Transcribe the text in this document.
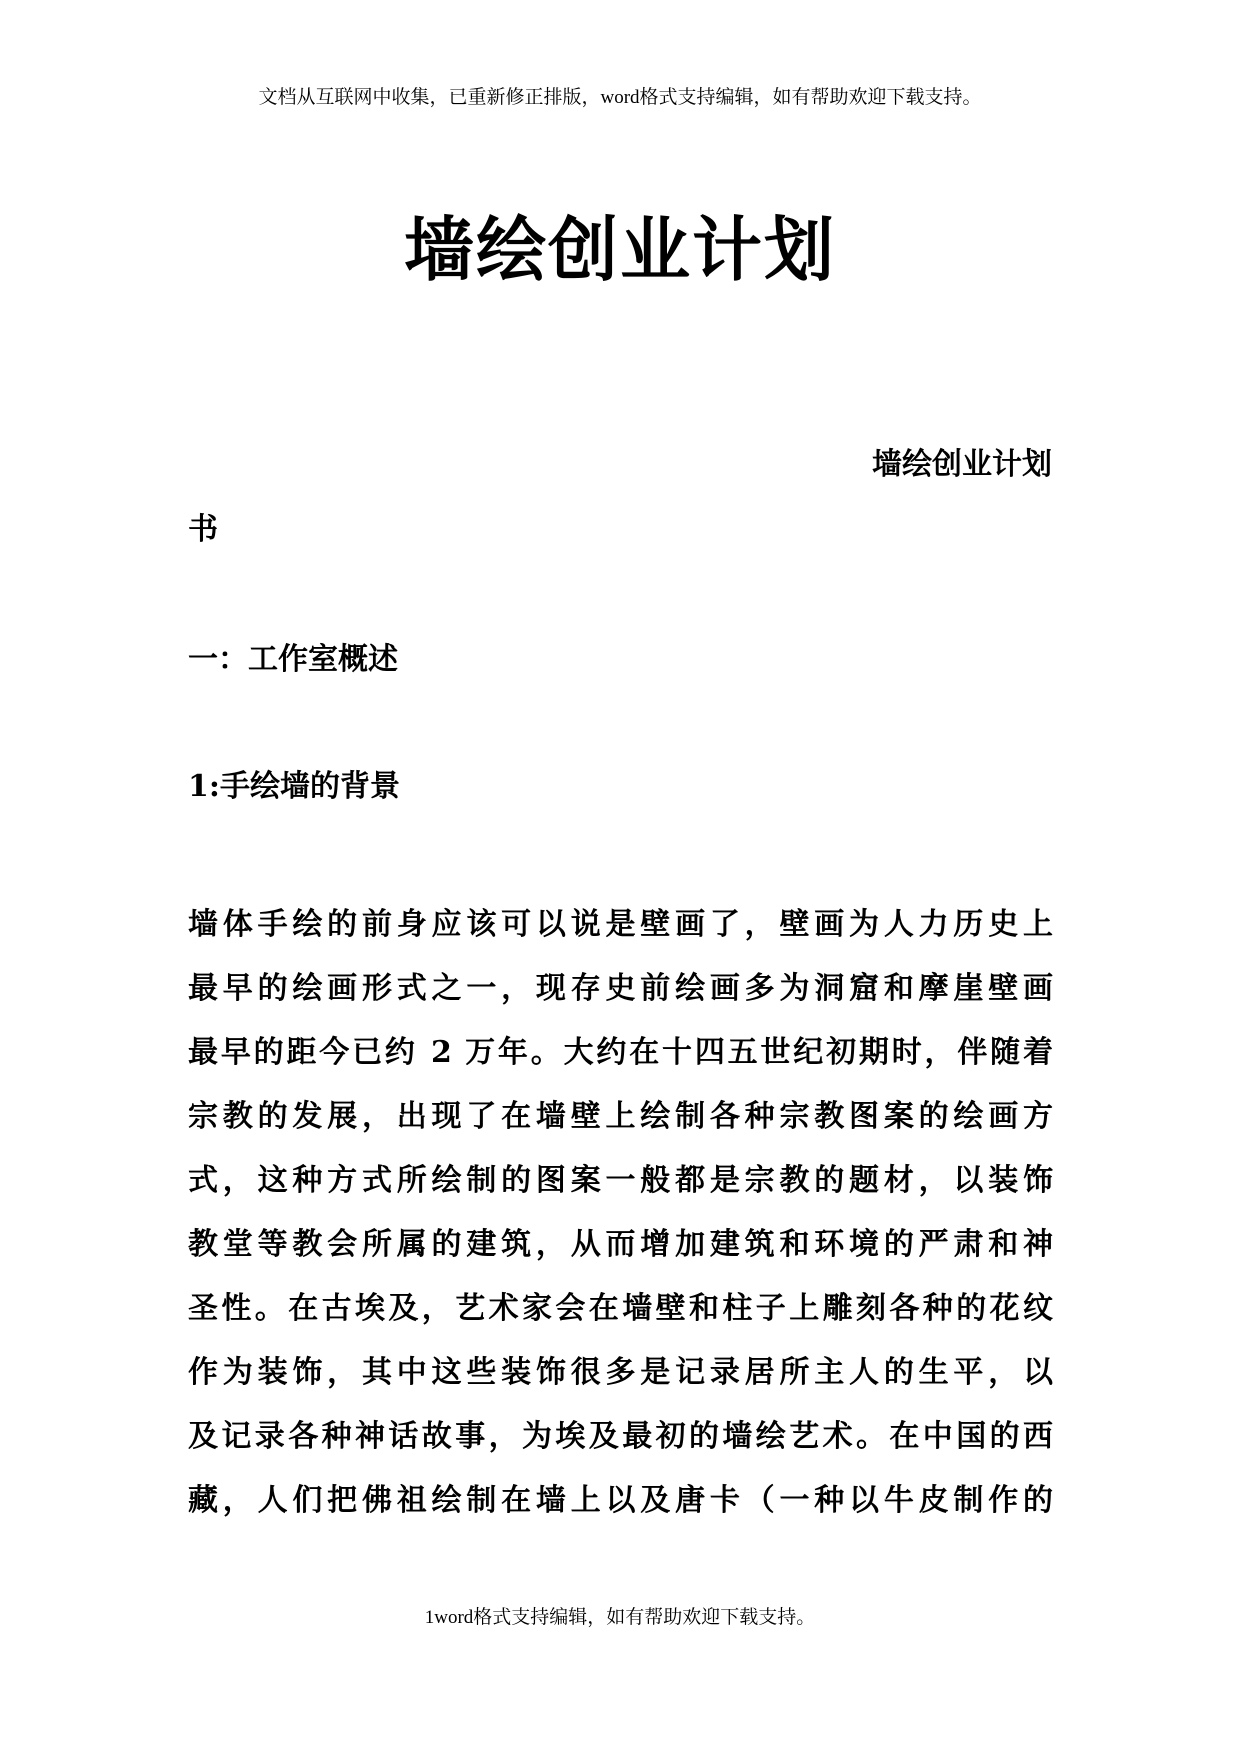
文档从互联网中收集，已重新修正排版，word格式支持编辑，如有帮助欢迎下载支持。
墙绘创业计划
墙绘创业计划
书
一：工作室概述
1:手绘墙的背景
墙体手绘的前身应该可以说是壁画了，壁画为人力历史上
最早的绘画形式之一，现存史前绘画多为洞窟和摩崖壁画
最早的距今已约 2 万年。大约在十四五世纪初期时，伴随着
宗教的发展，出现了在墙壁上绘制各种宗教图案的绘画方
式，这种方式所绘制的图案一般都是宗教的题材，以装饰
教堂等教会所属的建筑，从而增加建筑和环境的严肃和神
圣性。在古埃及，艺术家会在墙壁和柱子上雕刻各种的花纹
作为装饰，其中这些装饰很多是记录居所主人的生平，以
及记录各种神话故事，为埃及最初的墙绘艺术。在中国的西
藏，人们把佛祖绘制在墙上以及唐卡（一种以牛皮制作的
1word格式支持编辑，如有帮助欢迎下载支持。
